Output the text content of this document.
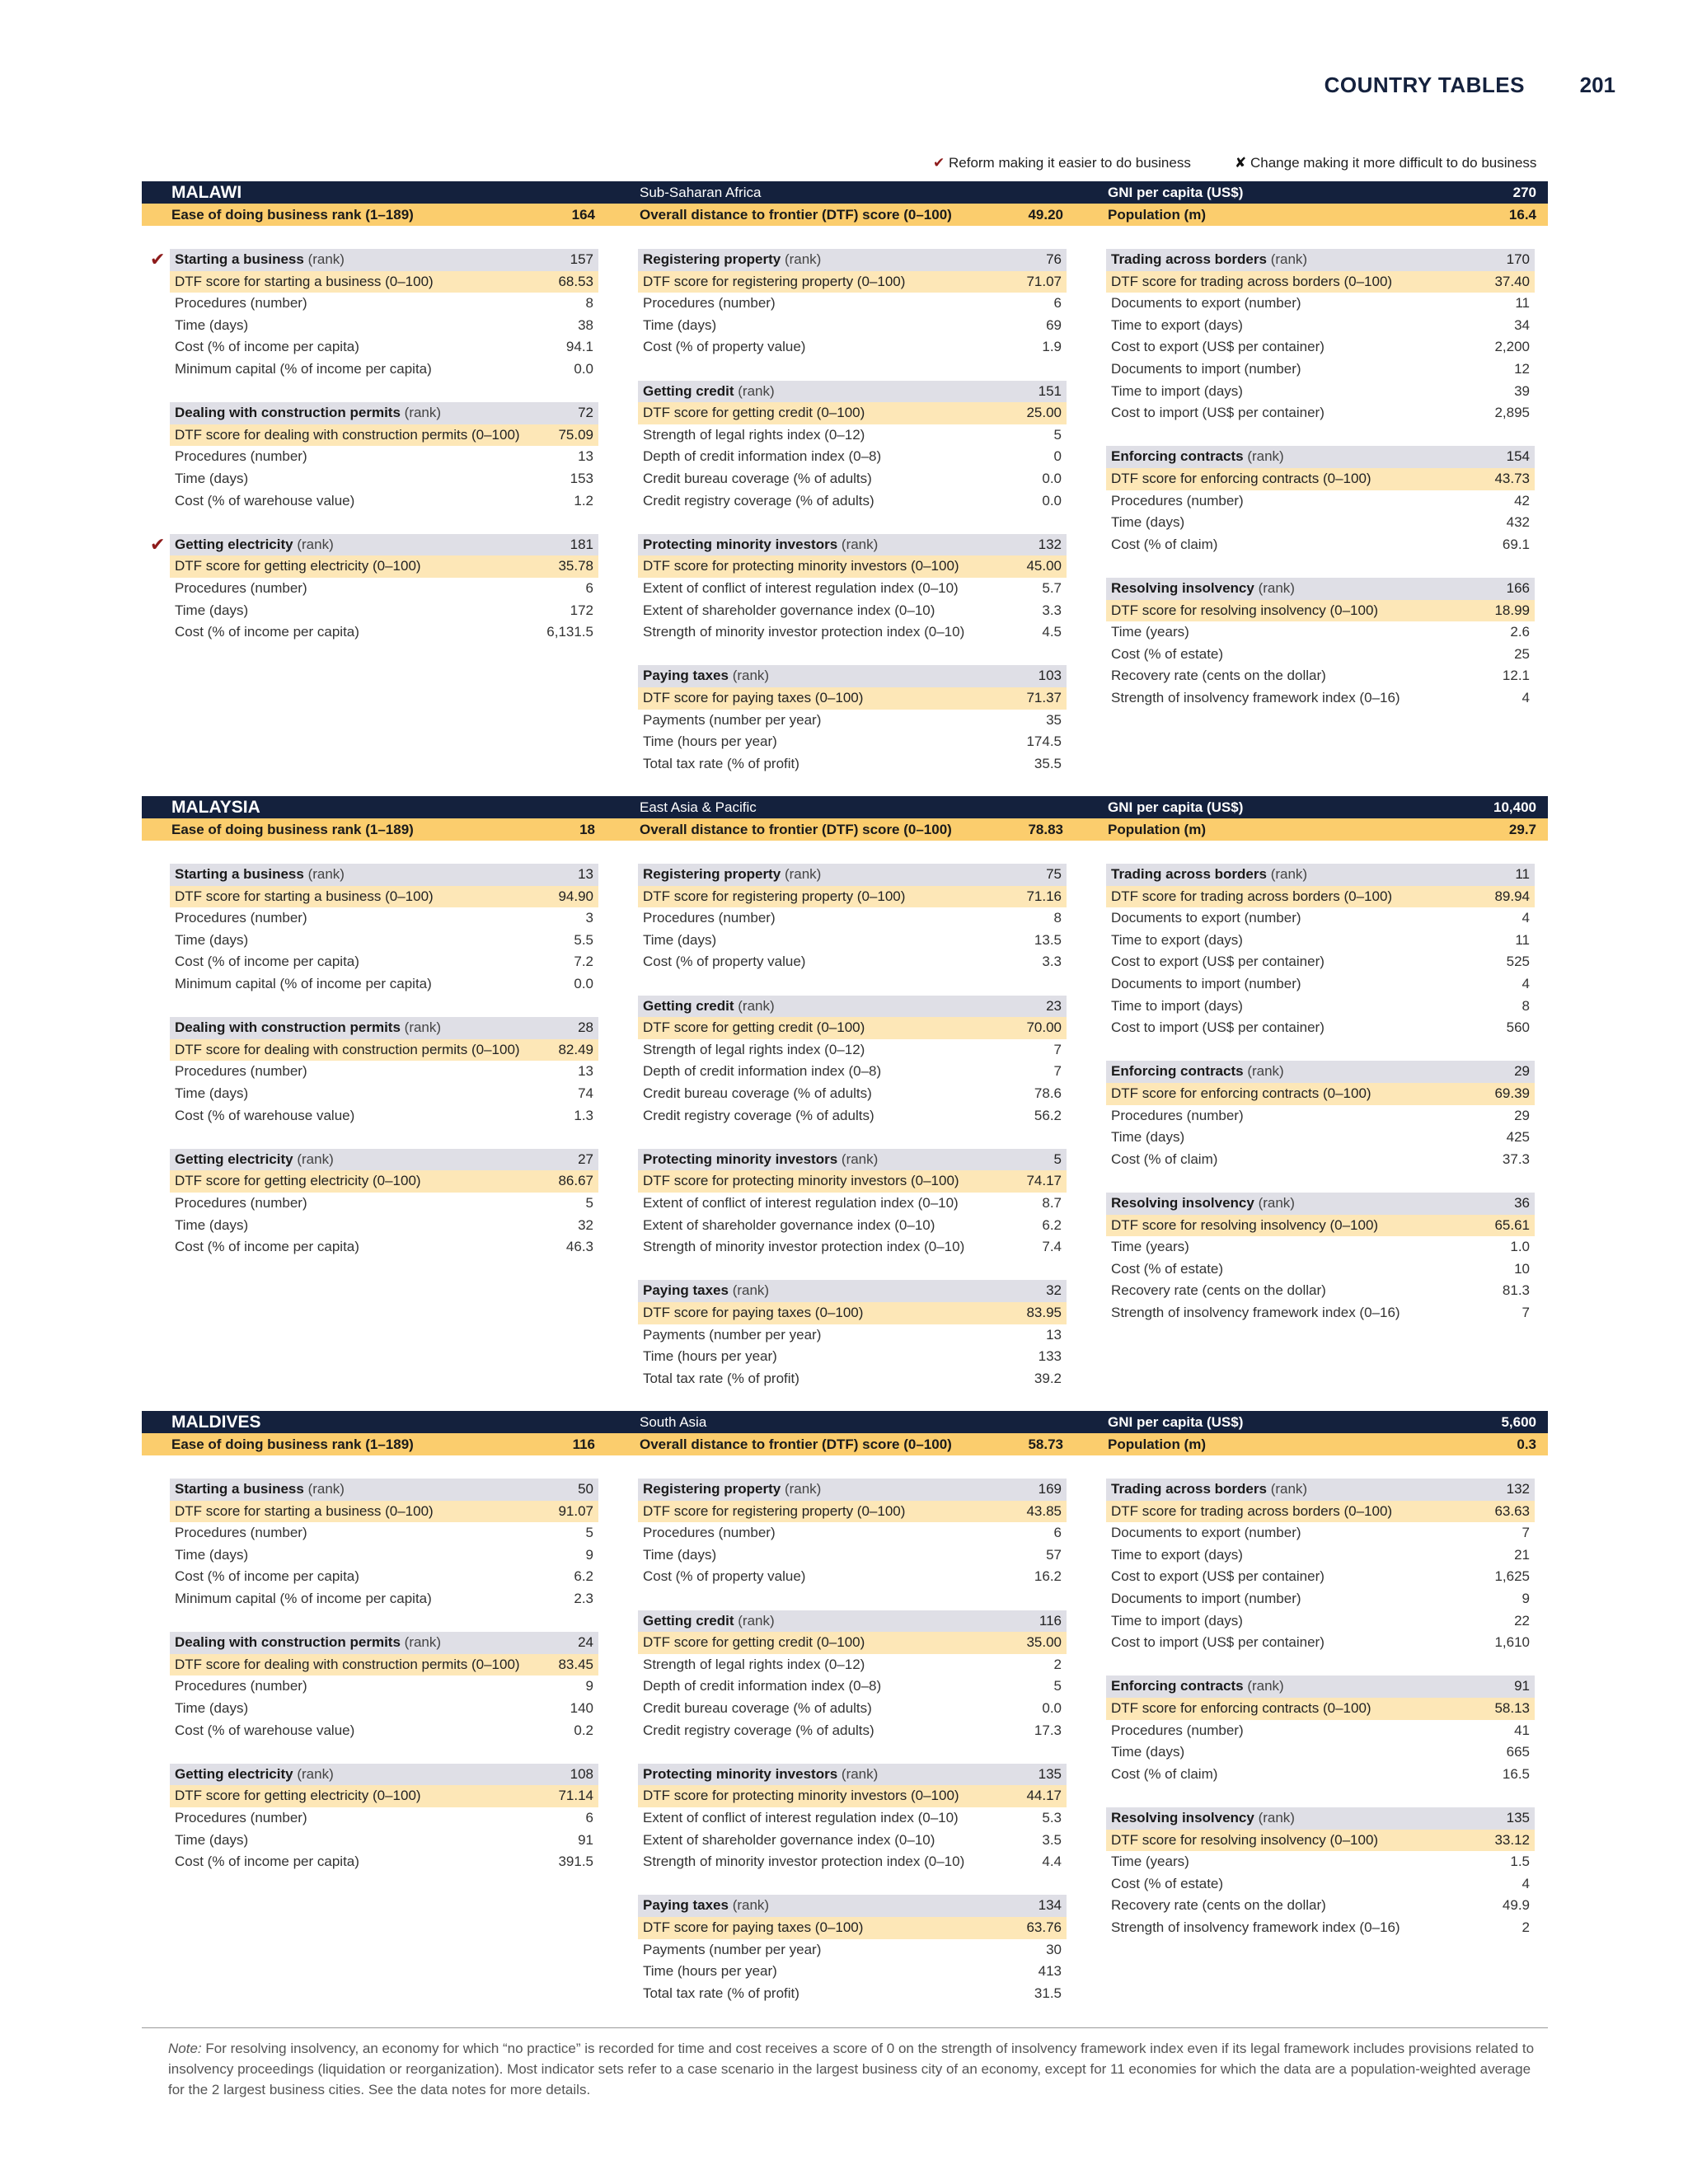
COUNTRY TABLES	201
✔ Reform making it easier to do business	✘ Change making it more difficult to do business
MALAWI	Sub-Saharan Africa	GNI per capita (US$)	270
Ease of doing business rank (1–189)	164	Overall distance to frontier (DTF) score (0–100)	49.20	Population (m)	16.4
✔ Starting a business (rank)	157
DTF score for starting a business (0–100)	68.53
Procedures (number)	8
Time (days)	38
Cost (% of income per capita)	94.1
Minimum capital (% of income per capita)	0.0
Dealing with construction permits (rank)	72
DTF score for dealing with construction permits (0–100)	75.09
Procedures (number)	13
Time (days)	153
Cost (% of warehouse value)	1.2
✔ Getting electricity (rank)	181
DTF score for getting electricity (0–100)	35.78
Procedures (number)	6
Time (days)	172
Cost (% of income per capita)	6,131.5
Registering property (rank)	76
DTF score for registering property (0–100)	71.07
Procedures (number)	6
Time (days)	69
Cost (% of property value)	1.9
Getting credit (rank)	151
DTF score for getting credit (0–100)	25.00
Strength of legal rights index (0–12)	5
Depth of credit information index (0–8)	0
Credit bureau coverage (% of adults)	0.0
Credit registry coverage (% of adults)	0.0
Protecting minority investors (rank)	132
DTF score for protecting minority investors (0–100)	45.00
Extent of conflict of interest regulation index (0–10)	5.7
Extent of shareholder governance index (0–10)	3.3
Strength of minority investor protection index (0–10)	4.5
Paying taxes (rank)	103
DTF score for paying taxes (0–100)	71.37
Payments (number per year)	35
Time (hours per year)	174.5
Total tax rate (% of profit)	35.5
Trading across borders (rank)	170
DTF score for trading across borders (0–100)	37.40
Documents to export (number)	11
Time to export (days)	34
Cost to export (US$ per container)	2,200
Documents to import (number)	12
Time to import (days)	39
Cost to import (US$ per container)	2,895
Enforcing contracts (rank)	154
DTF score for enforcing contracts (0–100)	43.73
Procedures (number)	42
Time (days)	432
Cost (% of claim)	69.1
Resolving insolvency (rank)	166
DTF score for resolving insolvency (0–100)	18.99
Time (years)	2.6
Cost (% of estate)	25
Recovery rate (cents on the dollar)	12.1
Strength of insolvency framework index (0–16)	4
MALAYSIA	East Asia & Pacific	GNI per capita (US$)	10,400
Ease of doing business rank (1–189)	18	Overall distance to frontier (DTF) score (0–100)	78.83	Population (m)	29.7
Starting a business (rank)	13
DTF score for starting a business (0–100)	94.90
Procedures (number)	3
Time (days)	5.5
Cost (% of income per capita)	7.2
Minimum capital (% of income per capita)	0.0
Dealing with construction permits (rank)	28
DTF score for dealing with construction permits (0–100)	82.49
Procedures (number)	13
Time (days)	74
Cost (% of warehouse value)	1.3
Getting electricity (rank)	27
DTF score for getting electricity (0–100)	86.67
Procedures (number)	5
Time (days)	32
Cost (% of income per capita)	46.3
Registering property (rank)	75
DTF score for registering property (0–100)	71.16
Procedures (number)	8
Time (days)	13.5
Cost (% of property value)	3.3
Getting credit (rank)	23
DTF score for getting credit (0–100)	70.00
Strength of legal rights index (0–12)	7
Depth of credit information index (0–8)	7
Credit bureau coverage (% of adults)	78.6
Credit registry coverage (% of adults)	56.2
Protecting minority investors (rank)	5
DTF score for protecting minority investors (0–100)	74.17
Extent of conflict of interest regulation index (0–10)	8.7
Extent of shareholder governance index (0–10)	6.2
Strength of minority investor protection index (0–10)	7.4
Paying taxes (rank)	32
DTF score for paying taxes (0–100)	83.95
Payments (number per year)	13
Time (hours per year)	133
Total tax rate (% of profit)	39.2
Trading across borders (rank)	11
DTF score for trading across borders (0–100)	89.94
Documents to export (number)	4
Time to export (days)	11
Cost to export (US$ per container)	525
Documents to import (number)	4
Time to import (days)	8
Cost to import (US$ per container)	560
Enforcing contracts (rank)	29
DTF score for enforcing contracts (0–100)	69.39
Procedures (number)	29
Time (days)	425
Cost (% of claim)	37.3
Resolving insolvency (rank)	36
DTF score for resolving insolvency (0–100)	65.61
Time (years)	1.0
Cost (% of estate)	10
Recovery rate (cents on the dollar)	81.3
Strength of insolvency framework index (0–16)	7
MALDIVES	South Asia	GNI per capita (US$)	5,600
Ease of doing business rank (1–189)	116	Overall distance to frontier (DTF) score (0–100)	58.73	Population (m)	0.3
Starting a business (rank)	50
DTF score for starting a business (0–100)	91.07
Procedures (number)	5
Time (days)	9
Cost (% of income per capita)	6.2
Minimum capital (% of income per capita)	2.3
Dealing with construction permits (rank)	24
DTF score for dealing with construction permits (0–100)	83.45
Procedures (number)	9
Time (days)	140
Cost (% of warehouse value)	0.2
Getting electricity (rank)	108
DTF score for getting electricity (0–100)	71.14
Procedures (number)	6
Time (days)	91
Cost (% of income per capita)	391.5
Registering property (rank)	169
DTF score for registering property (0–100)	43.85
Procedures (number)	6
Time (days)	57
Cost (% of property value)	16.2
Getting credit (rank)	116
DTF score for getting credit (0–100)	35.00
Strength of legal rights index (0–12)	2
Depth of credit information index (0–8)	5
Credit bureau coverage (% of adults)	0.0
Credit registry coverage (% of adults)	17.3
Protecting minority investors (rank)	135
DTF score for protecting minority investors (0–100)	44.17
Extent of conflict of interest regulation index (0–10)	5.3
Extent of shareholder governance index (0–10)	3.5
Strength of minority investor protection index (0–10)	4.4
Paying taxes (rank)	134
DTF score for paying taxes (0–100)	63.76
Payments (number per year)	30
Time (hours per year)	413
Total tax rate (% of profit)	31.5
Trading across borders (rank)	132
DTF score for trading across borders (0–100)	63.63
Documents to export (number)	7
Time to export (days)	21
Cost to export (US$ per container)	1,625
Documents to import (number)	9
Time to import (days)	22
Cost to import (US$ per container)	1,610
Enforcing contracts (rank)	91
DTF score for enforcing contracts (0–100)	58.13
Procedures (number)	41
Time (days)	665
Cost (% of claim)	16.5
Resolving insolvency (rank)	135
DTF score for resolving insolvency (0–100)	33.12
Time (years)	1.5
Cost (% of estate)	4
Recovery rate (cents on the dollar)	49.9
Strength of insolvency framework index (0–16)	2
Note: For resolving insolvency, an economy for which “no practice” is recorded for time and cost receives a score of 0 on the strength of insolvency framework index even if its legal framework includes provisions related to insolvency proceedings (liquidation or reorganization). Most indicator sets refer to a case scenario in the largest business city of an economy, except for 11 economies for which the data are a population-weighted average for the 2 largest business cities. See the data notes for more details.
